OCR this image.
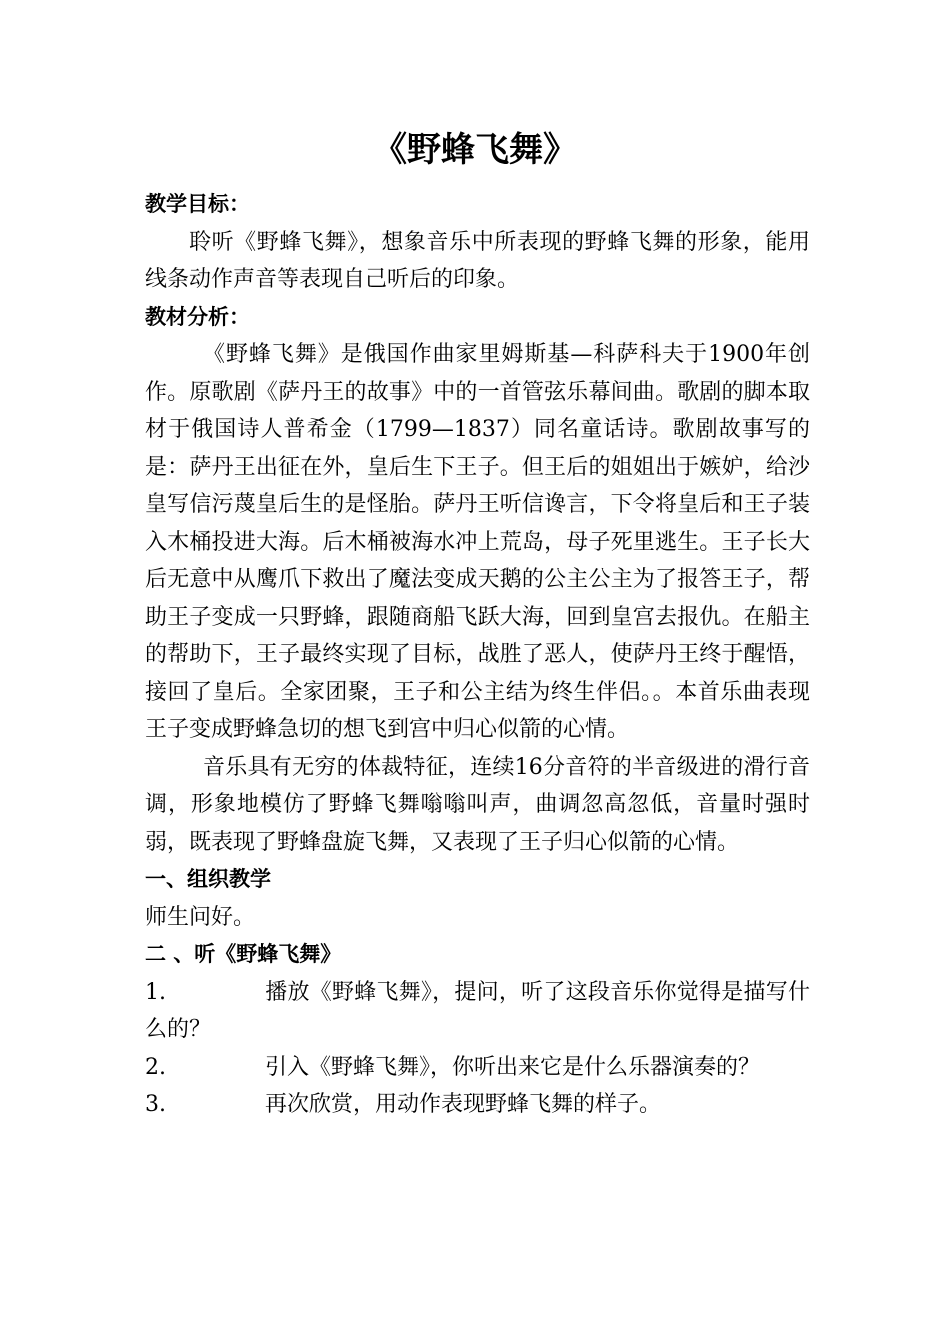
《野蜂飞舞》

教学目标：

聆听《野蜂飞舞》，想象音乐中所表现的野蜂飞舞的形象，能用线条动作声音等表现自己听后的印象。

教材分析：

《野蜂飞舞》是俄国作曲家里姆斯基—科萨科夫于1900年创作。原歌剧《萨丹王的故事》中的一首管弦乐幕间曲。歌剧的脚本取材于俄国诗人普希金（1799—1837）同名童话诗。歌剧故事写的是：萨丹王出征在外，皇后生下王子。但王后的姐姐出于嫉妒，给沙皇写信污蔑皇后生的是怪胎。萨丹王听信谗言，下令将皇后和王子装入木桶投进大海。后木桶被海水冲上荒岛，母子死里逃生。王子长大后无意中从鹰爪下救出了魔法变成天鹅的公主公主为了报答王子，帮助王子变成一只野蜂，跟随商船飞跃大海，回到皇宫去报仇。在船主的帮助下，王子最终实现了目标，战胜了恶人，使萨丹王终于醒悟，接回了皇后。全家团聚，王子和公主结为终生伴侣。。本首乐曲表现王子变成野蜂急切的想飞到宫中归心似箭的心情。

音乐具有无穷的体裁特征，连续16分音符的半音级进的滑行音调，形象地模仿了野蜂飞舞嗡嗡叫声，曲调忽高忽低，音量时强时弱，既表现了野蜂盘旋飞舞，又表现了王子归心似箭的心情。

一、组织教学

师生问好。

二 、听《野蜂飞舞》

1.	播放《野蜂飞舞》，提问，听了这段音乐你觉得是描写什么的？

2.	引入《野蜂飞舞》，你听出来它是什么乐器演奏的？

3.	再次欣赏，用动作表现野蜂飞舞的样子。
